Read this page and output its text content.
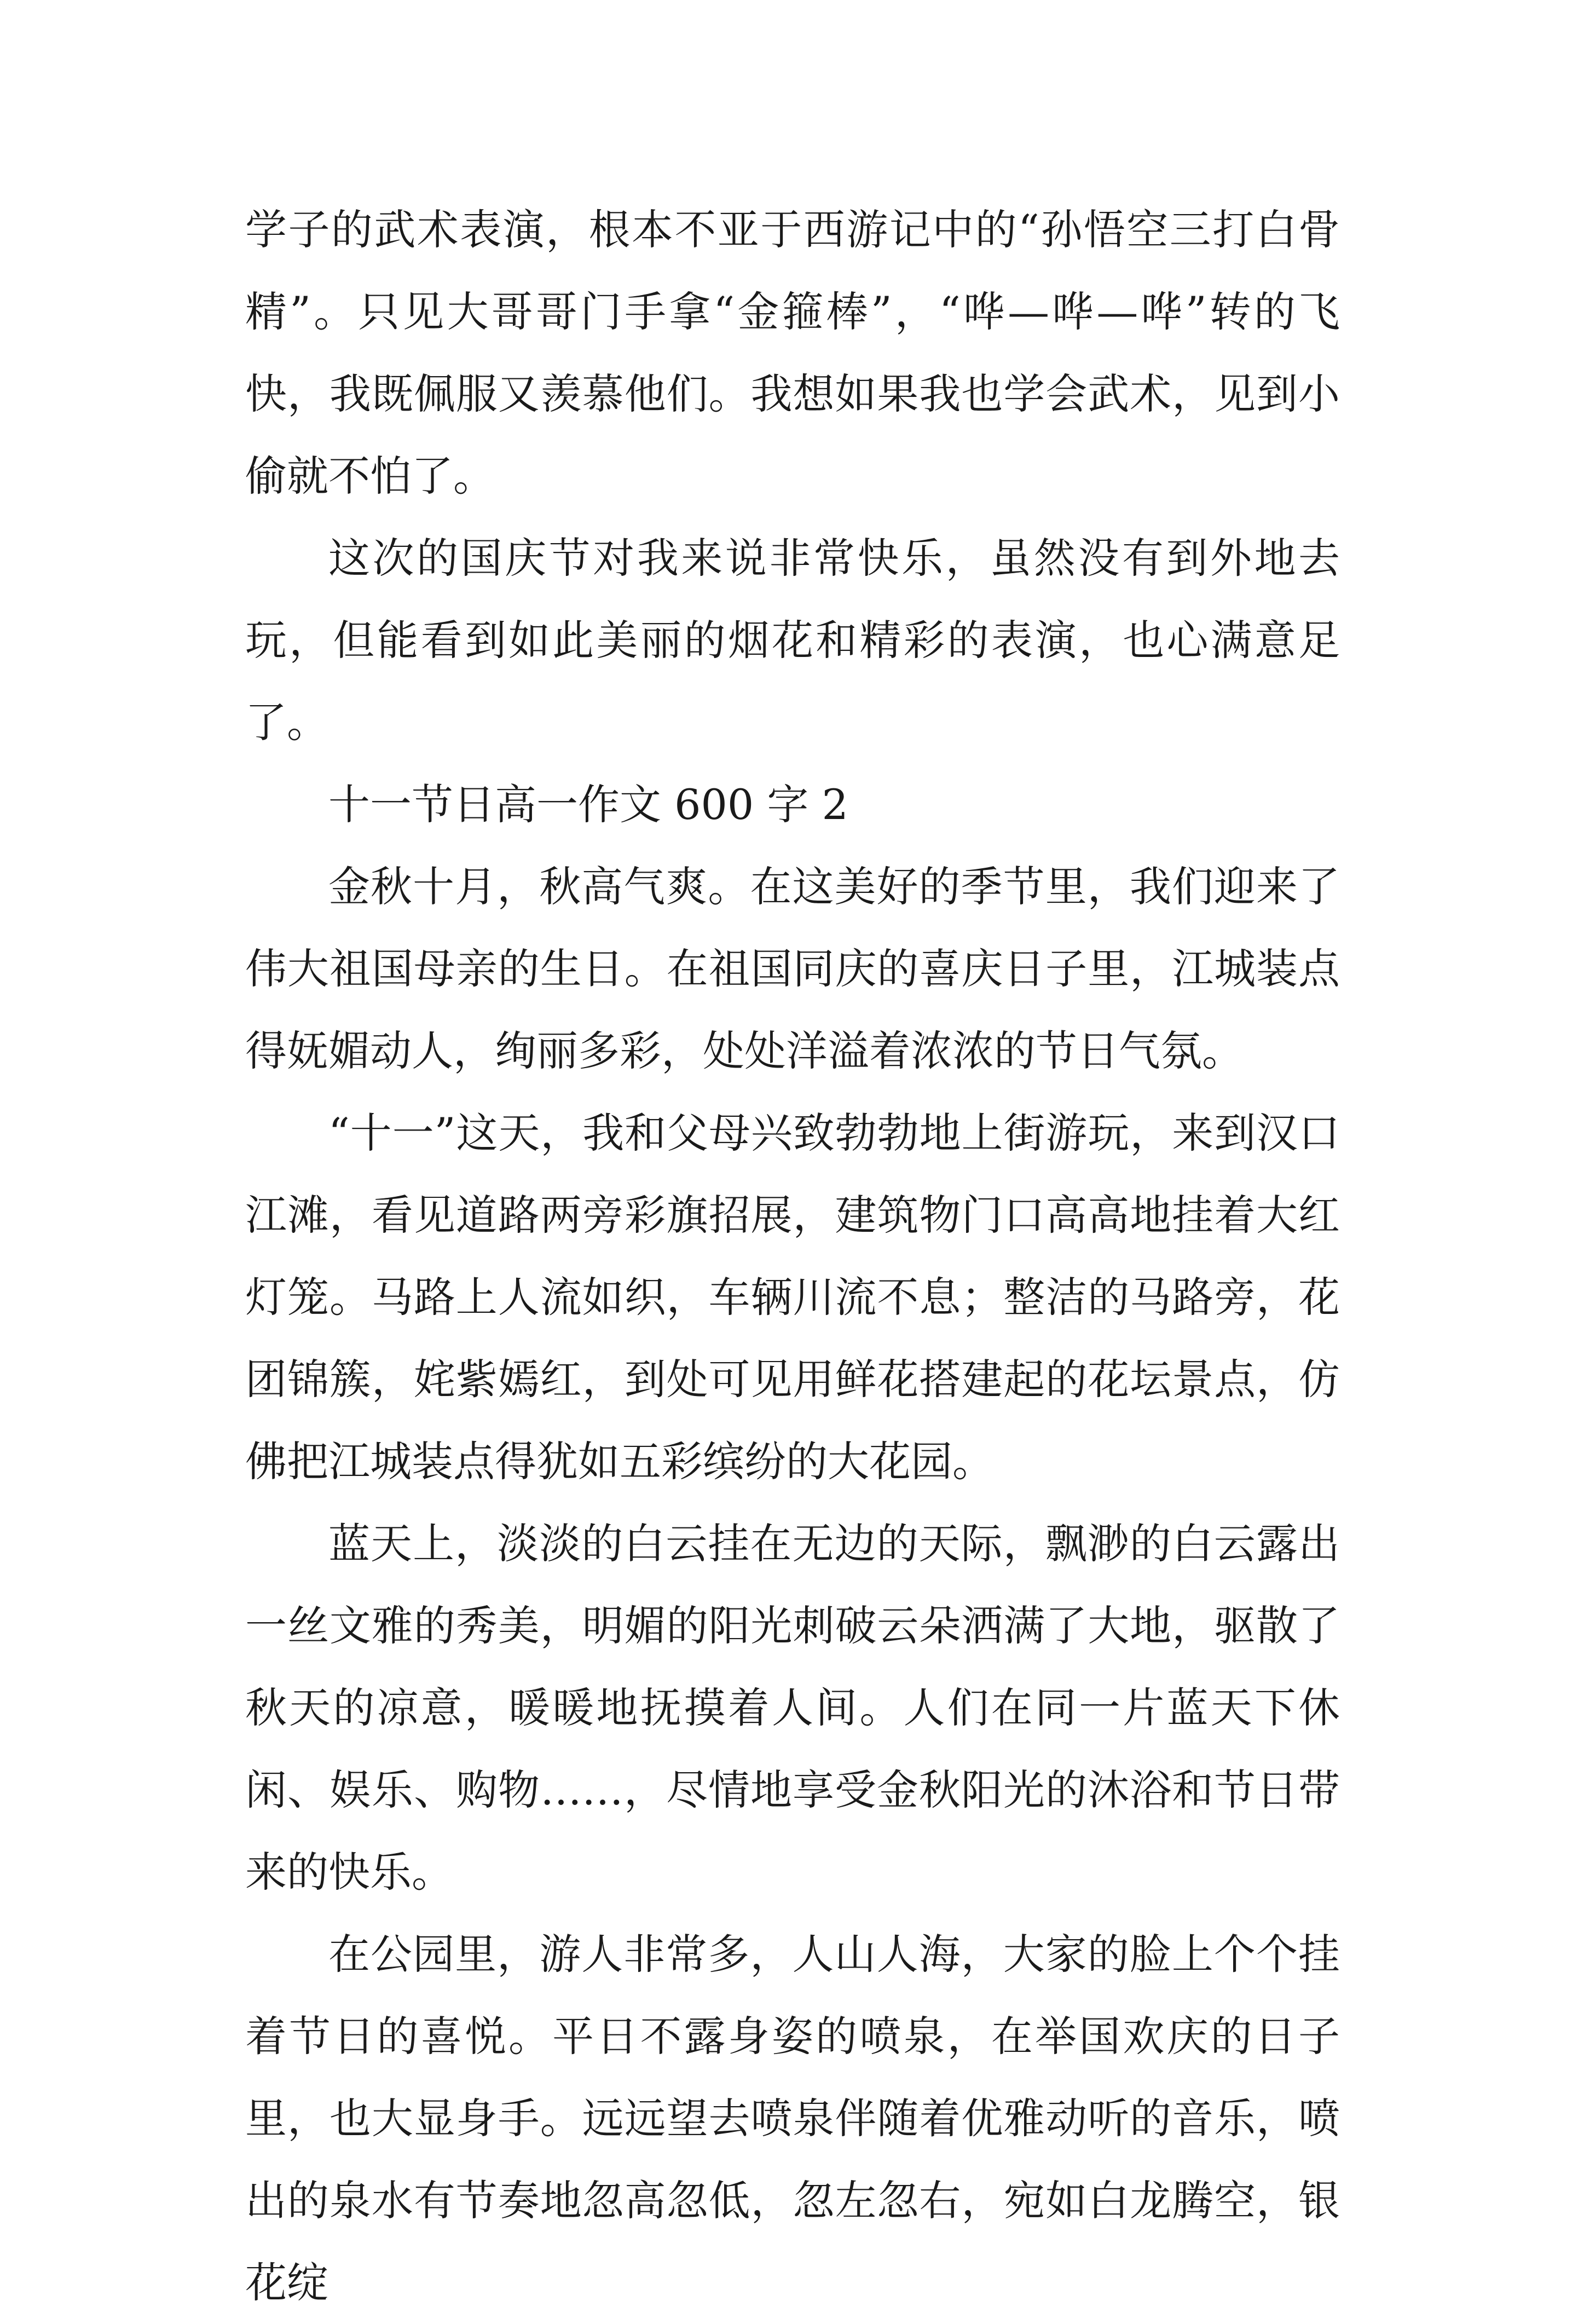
学子的武术表演，根本不亚于西游记中的“孙悟空三打白骨精”。只见大哥哥门手拿“金箍棒”，“哗—哗—哗”转的飞快，我既佩服又羡慕他们。我想如果我也学会武术，见到小偷就不怕了。

这次的国庆节对我来说非常快乐，虽然没有到外地去玩，但能看到如此美丽的烟花和精彩的表演，也心满意足了。

十一节日高一作文 600 字 2

金秋十月，秋高气爽。在这美好的季节里，我们迎来了伟大祖国母亲的生日。在祖国同庆的喜庆日子里，江城装点得妩媚动人，绚丽多彩，处处洋溢着浓浓的节日气氛。

“十一”这天，我和父母兴致勃勃地上街游玩，来到汉口江滩，看见道路两旁彩旗招展，建筑物门口高高地挂着大红灯笼。马路上人流如织，车辆川流不息；整洁的马路旁，花团锦簇，姹紫嫣红，到处可见用鲜花搭建起的花坛景点，仿佛把江城装点得犹如五彩缤纷的大花园。

蓝天上，淡淡的白云挂在无边的天际，飘渺的白云露出一丝文雅的秀美，明媚的阳光刺破云朵洒满了大地，驱散了秋天的凉意，暖暖地抚摸着人间。人们在同一片蓝天下休闲、娱乐、购物……，尽情地享受金秋阳光的沐浴和节日带来的快乐。

在公园里，游人非常多，人山人海，大家的脸上个个挂着节日的喜悦。平日不露身姿的喷泉，在举国欢庆的日子里，也大显身手。远远望去喷泉伴随着优雅动听的音乐，喷出的泉水有节奏地忽高忽低，忽左忽右，宛如白龙腾空，银花绽
